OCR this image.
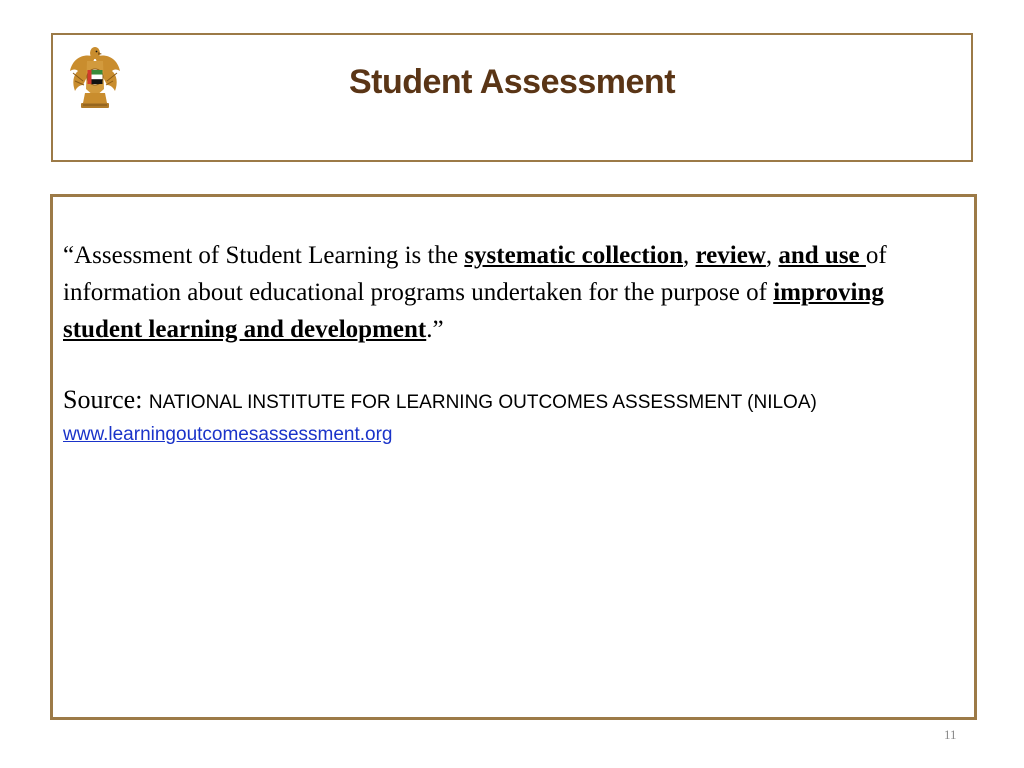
Student Assessment
“Assessment of Student Learning is the systematic collection, review, and use of information about educational programs undertaken for the purpose of improving student learning and development.”
Source: NATIONAL INSTITUTE FOR LEARNING OUTCOMES ASSESSMENT (NILOA)
www.learningoutcomesassessment.org
11
